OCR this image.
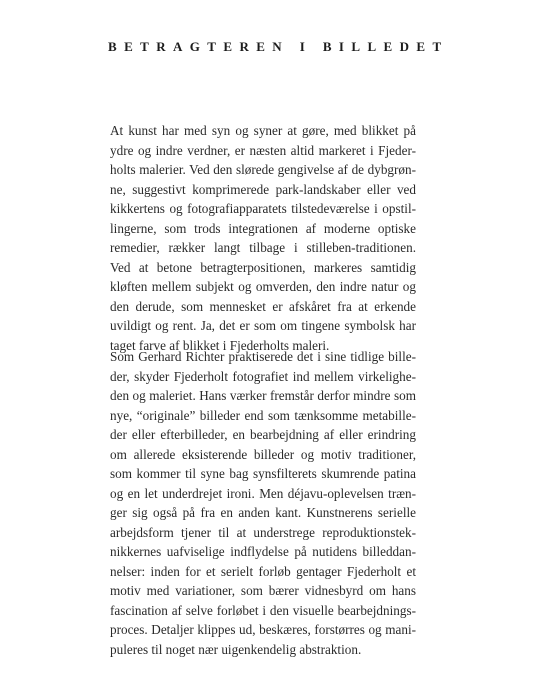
BETRAGTEREN I BILLEDET
At kunst har med syn og syner at gøre, med blikket på
ydre og indre verdner, er næsten altid markeret i Fjeder-
holts malerier. Ved den slørede gengivelse af de dybgrøn-
ne, suggestivt komprimerede park-landskaber eller ved
kikkertens og fotografiapparatets tilstedeværelse i opstil-
lingerne, som trods integrationen af moderne optiske
remedier, rækker langt tilbage i stilleben-traditionen.
Ved at betone betragterpositionen, markeres samtidig
kløften mellem subjekt og omverden, den indre natur og
den derude, som mennesket er afskåret fra at erkende
uvildigt og rent. Ja, det er som om tingene symbolsk har
taget farve af blikket i Fjederholts maleri.
Som Gerhard Richter praktiserede det i sine tidlige bille-
der, skyder Fjederholt fotografiet ind mellem virkelighe-
den og maleriet. Hans værker fremstår derfor mindre som
nye, “originale” billeder end som tænksomme metabille-
der eller efterbilleder, en bearbejdning af eller erindring
om allerede eksisterende billeder og motiv traditioner,
som kommer til syne bag synsfilterets skumrende patina
og en let underdrejet ironi. Men déjavu-oplevelsen træn-
ger sig også på fra en anden kant. Kunstnerens serielle
arbejdsform tjener til at understrege reproduktionstek-
nikkernes uafviselige indflydelse på nutidens billeddan-
nelser: inden for et serielt forløb gentager Fjederholt et
motiv med variationer, som bærer vidnesbyrd om hans
fascination af selve forløbet i den visuelle bearbejdnings-
proces. Detaljer klippes ud, beskæres, forstørres og mani-
puleres til noget nær uigenkendelig abstraktion.
